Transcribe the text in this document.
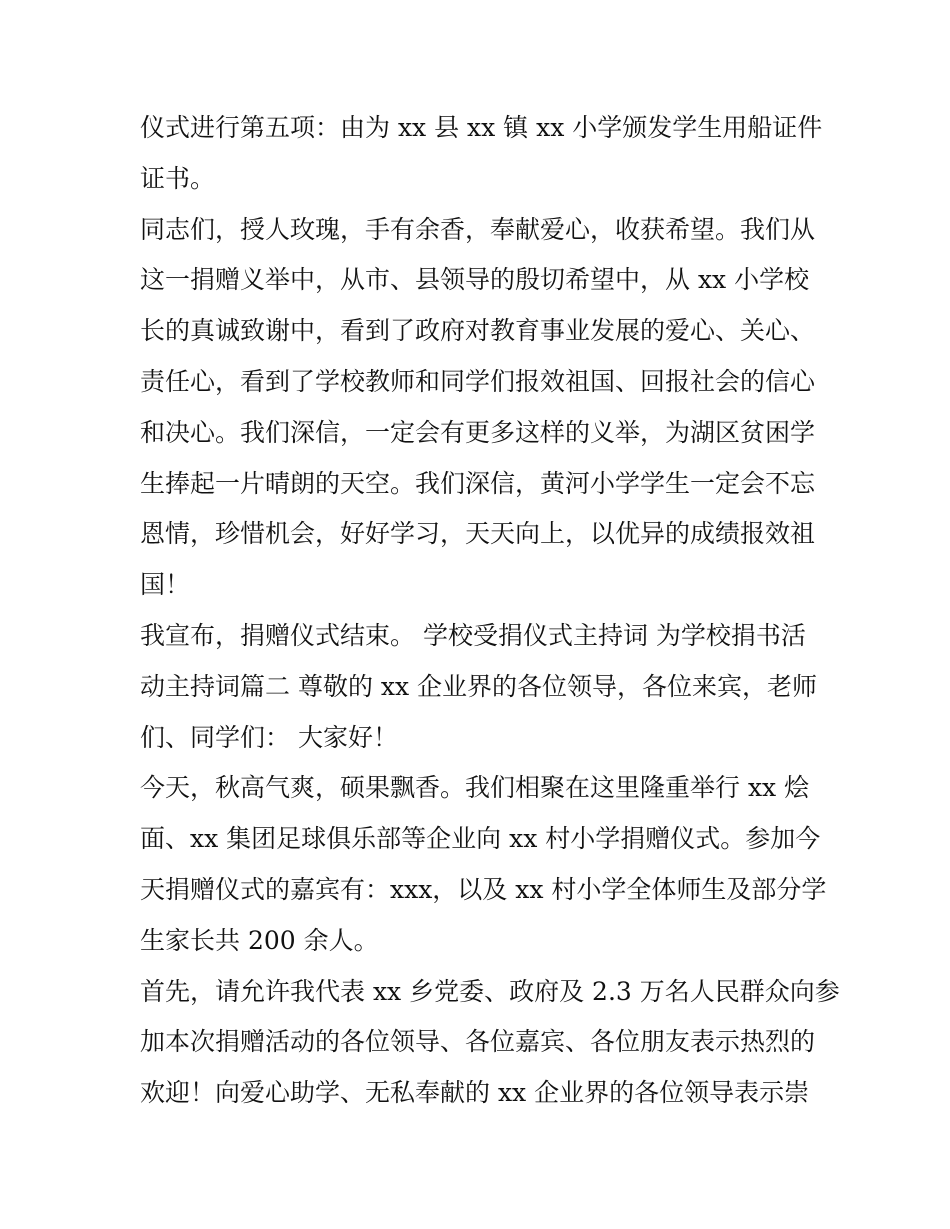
仪式进行第五项：由为 xx 县 xx 镇 xx 小学颁发学生用船证件
证书。
同志们，授人玫瑰，手有余香，奉献爱心，收获希望。我们从
这一捐赠义举中，从市、县领导的殷切希望中，从 xx 小学校
长的真诚致谢中，看到了政府对教育事业发展的爱心、关心、
责任心，看到了学校教师和同学们报效祖国、回报社会的信心
和决心。我们深信，一定会有更多这样的义举，为湖区贫困学
生捧起一片晴朗的天空。我们深信，黄河小学学生一定会不忘
恩情，珍惜机会，好好学习，天天向上，以优异的成绩报效祖
国！
我宣布，捐赠仪式结束。 学校受捐仪式主持词 为学校捐书活
动主持词篇二 尊敬的 xx 企业界的各位领导，各位来宾，老师
们、同学们： 大家好！
今天，秋高气爽，硕果飘香。我们相聚在这里隆重举行 xx 烩
面、xx 集团足球俱乐部等企业向 xx 村小学捐赠仪式。参加今
天捐赠仪式的嘉宾有：xxx，以及 xx 村小学全体师生及部分学
生家长共 200 余人。
首先，请允许我代表 xx 乡党委、政府及 2.3 万名人民群众向参
加本次捐赠活动的各位领导、各位嘉宾、各位朋友表示热烈的
欢迎！向爱心助学、无私奉献的 xx 企业界的各位领导表示崇
